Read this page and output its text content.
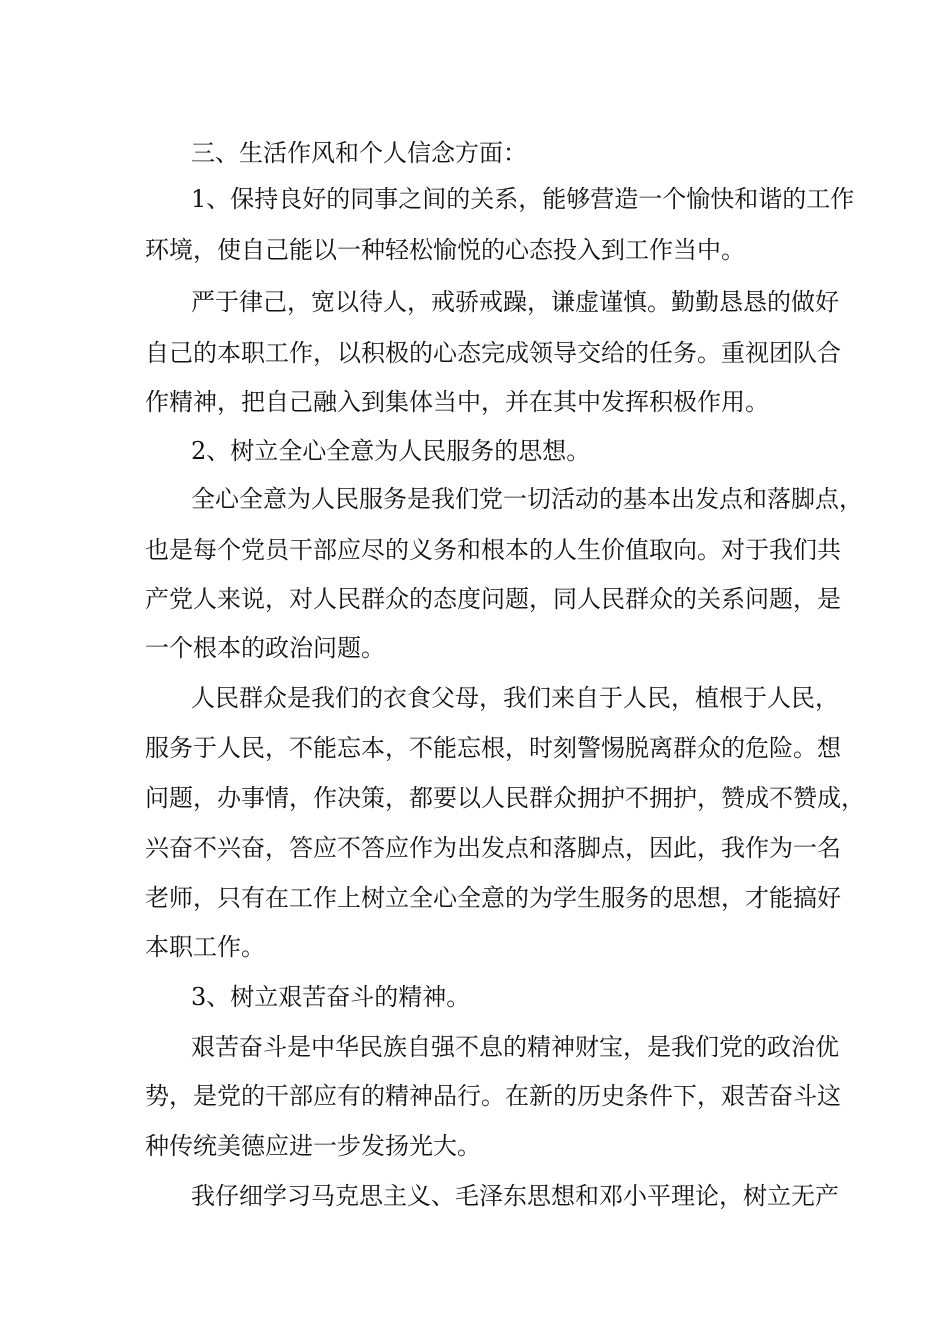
三、生活作风和个人信念方面：
1、保持良好的同事之间的关系，能够营造一个愉快和谐的工作
环境，使自己能以一种轻松愉悦的心态投入到工作当中。
严于律己，宽以待人，戒骄戒躁，谦虚谨慎。勤勤恳恳的做好
自己的本职工作，以积极的心态完成领导交给的任务。重视团队合
作精神，把自己融入到集体当中，并在其中发挥积极作用。
2、树立全心全意为人民服务的思想。
全心全意为人民服务是我们党一切活动的基本出发点和落脚点，
也是每个党员干部应尽的义务和根本的人生价值取向。对于我们共
产党人来说，对人民群众的态度问题，同人民群众的关系问题，是
一个根本的政治问题。
人民群众是我们的衣食父母，我们来自于人民，植根于人民，
服务于人民，不能忘本，不能忘根，时刻警惕脱离群众的危险。想
问题，办事情，作决策，都要以人民群众拥护不拥护，赞成不赞成，
兴奋不兴奋，答应不答应作为出发点和落脚点，因此，我作为一名
老师，只有在工作上树立全心全意的为学生服务的思想，才能搞好
本职工作。
3、树立艰苦奋斗的精神。
艰苦奋斗是中华民族自强不息的精神财宝，是我们党的政治优
势，是党的干部应有的精神品行。在新的历史条件下，艰苦奋斗这
种传统美德应进一步发扬光大。
我仔细学习马克思主义、毛泽东思想和邓小平理论，树立无产
